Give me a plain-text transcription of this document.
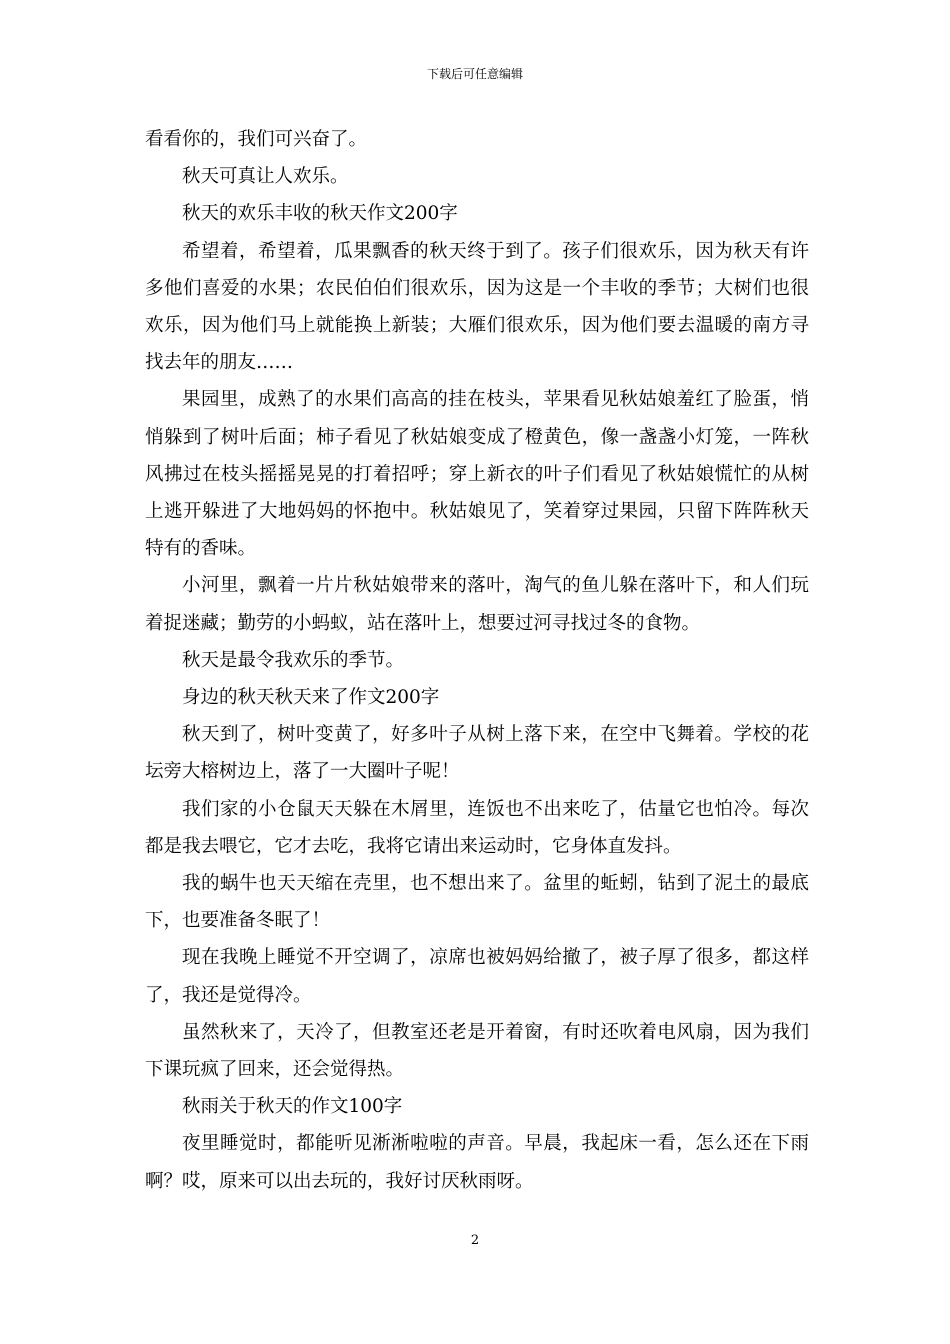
下载后可任意编辑

看看你的，我们可兴奋了。

秋天可真让人欢乐。

秋天的欢乐丰收的秋天作文200字

希望着，希望着，瓜果飘香的秋天终于到了。孩子们很欢乐，因为秋天有许多他们喜爱的水果；农民伯伯们很欢乐，因为这是一个丰收的季节；大树们也很欢乐，因为他们马上就能换上新装；大雁们很欢乐，因为他们要去温暖的南方寻找去年的朋友……

果园里，成熟了的水果们高高的挂在枝头，苹果看见秋姑娘羞红了脸蛋，悄悄躲到了树叶后面；柿子看见了秋姑娘变成了橙黄色，像一盏盏小灯笼，一阵秋风拂过在枝头摇摇晃晃的打着招呼；穿上新衣的叶子们看见了秋姑娘慌忙的从树上逃开躲进了大地妈妈的怀抱中。秋姑娘见了，笑着穿过果园，只留下阵阵秋天特有的香味。

小河里，飘着一片片秋姑娘带来的落叶，淘气的鱼儿躲在落叶下，和人们玩着捉迷藏；勤劳的小蚂蚁，站在落叶上，想要过河寻找过冬的食物。

秋天是最令我欢乐的季节。

身边的秋天秋天来了作文200字

秋天到了，树叶变黄了，好多叶子从树上落下来，在空中飞舞着。学校的花坛旁大榕树边上，落了一大圈叶子呢！

我们家的小仓鼠天天躲在木屑里，连饭也不出来吃了，估量它也怕冷。每次都是我去喂它，它才去吃，我将它请出来运动时，它身体直发抖。

我的蜗牛也天天缩在壳里，也不想出来了。盆里的蚯蚓，钻到了泥土的最底下，也要准备冬眠了！

现在我晚上睡觉不开空调了，凉席也被妈妈给撤了，被子厚了很多，都这样了，我还是觉得冷。

虽然秋来了，天冷了，但教室还老是开着窗，有时还吹着电风扇，因为我们下课玩疯了回来，还会觉得热。

秋雨关于秋天的作文100字

夜里睡觉时，都能听见淅淅啦啦的声音。早晨，我起床一看，怎么还在下雨啊？哎，原来可以出去玩的，我好讨厌秋雨呀。

2
